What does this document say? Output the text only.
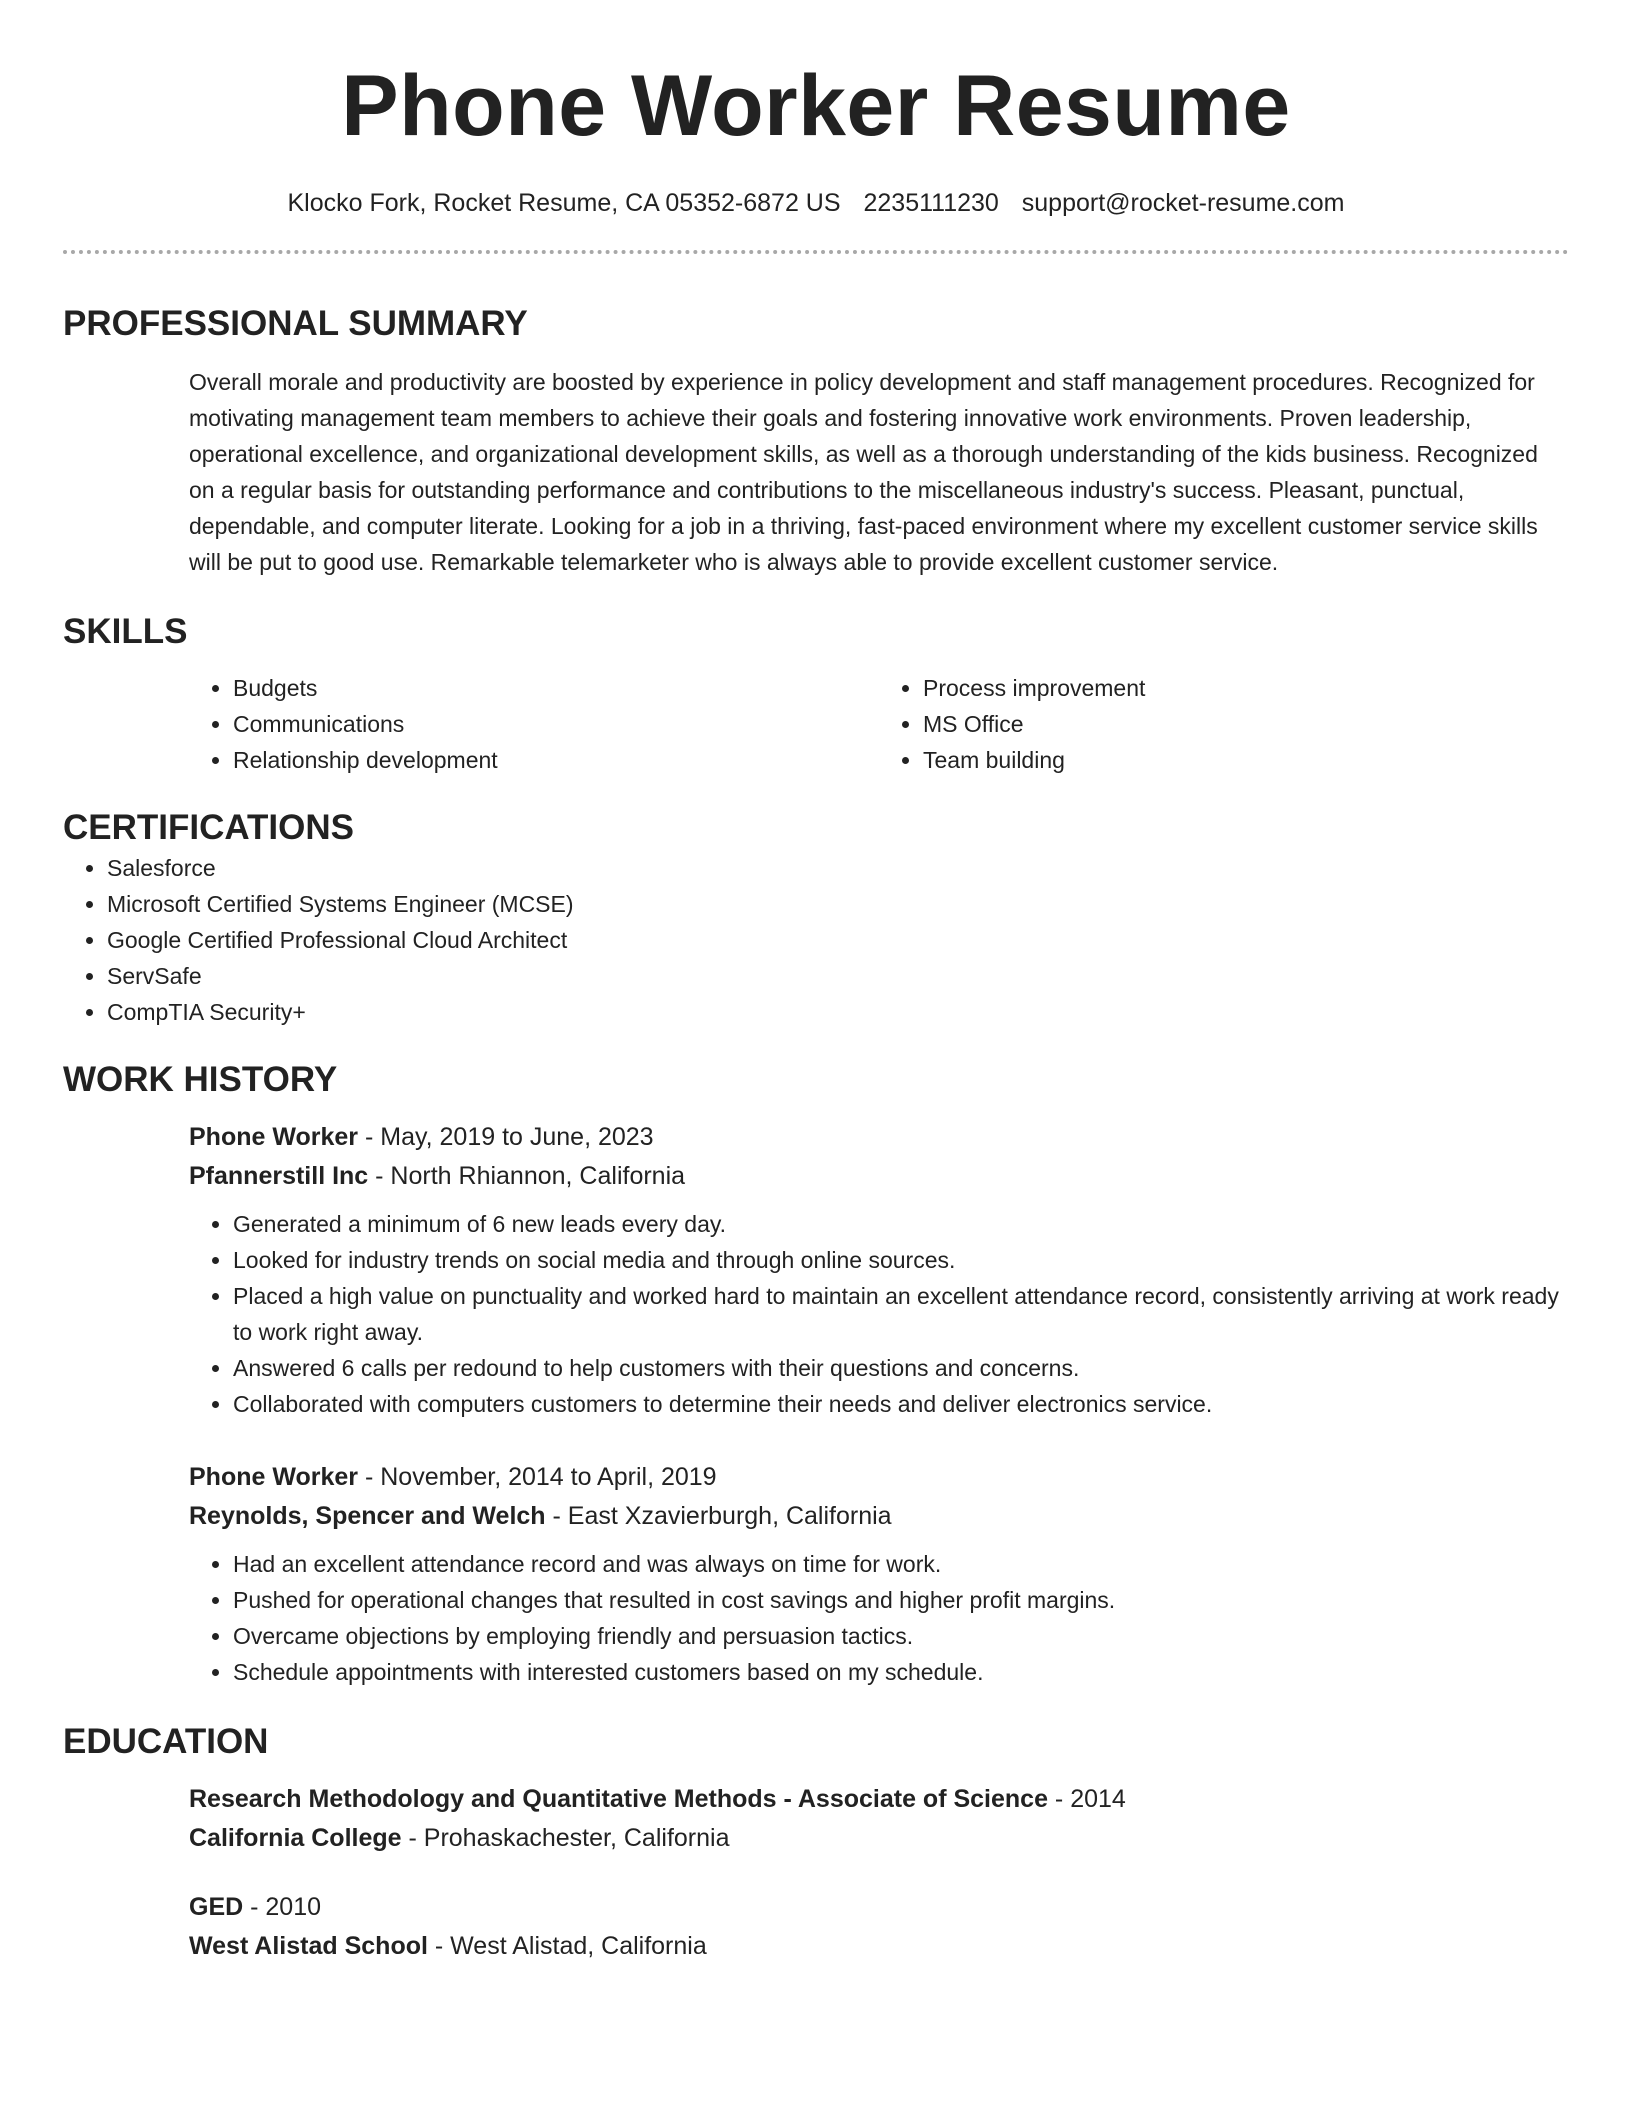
Phone Worker Resume
Klocko Fork, Rocket Resume, CA 05352-6872 US 2235111230 support@rocket-resume.com
PROFESSIONAL SUMMARY
Overall morale and productivity are boosted by experience in policy development and staff management procedures. Recognized for motivating management team members to achieve their goals and fostering innovative work environments. Proven leadership, operational excellence, and organizational development skills, as well as a thorough understanding of the kids business. Recognized on a regular basis for outstanding performance and contributions to the miscellaneous industry's success. Pleasant, punctual, dependable, and computer literate. Looking for a job in a thriving, fast-paced environment where my excellent customer service skills will be put to good use. Remarkable telemarketer who is always able to provide excellent customer service.
SKILLS
• Budgets
• Communications
• Relationship development
• Process improvement
• MS Office
• Team building
CERTIFICATIONS
• Salesforce
• Microsoft Certified Systems Engineer (MCSE)
• Google Certified Professional Cloud Architect
• ServSafe
• CompTIA Security+
WORK HISTORY
Phone Worker - May, 2019 to June, 2023
Pfannerstill Inc - North Rhiannon, California
• Generated a minimum of 6 new leads every day.
• Looked for industry trends on social media and through online sources.
• Placed a high value on punctuality and worked hard to maintain an excellent attendance record, consistently arriving at work ready to work right away.
• Answered 6 calls per redound to help customers with their questions and concerns.
• Collaborated with computers customers to determine their needs and deliver electronics service.
Phone Worker - November, 2014 to April, 2019
Reynolds, Spencer and Welch - East Xzavierburgh, California
• Had an excellent attendance record and was always on time for work.
• Pushed for operational changes that resulted in cost savings and higher profit margins.
• Overcame objections by employing friendly and persuasion tactics.
• Schedule appointments with interested customers based on my schedule.
EDUCATION
Research Methodology and Quantitative Methods - Associate of Science - 2014
California College - Prohaskachester, California
GED - 2010
West Alistad School - West Alistad, California
